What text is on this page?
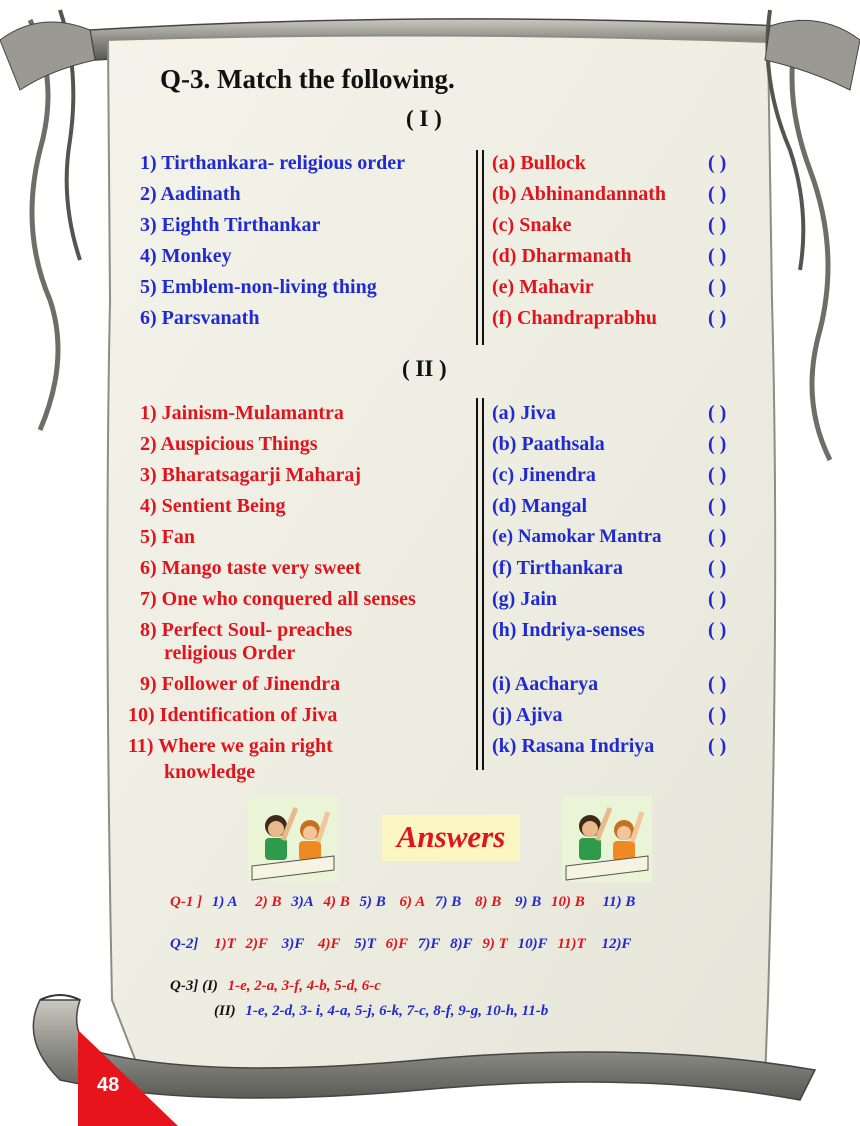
Q-3. Match the following.
( I )
1) Tirthankara- religious order
2) Aadinath
3) Eighth Tirthankar
4) Monkey
5) Emblem-non-living thing
6) Parsvanath
(a) Bullock
(b) Abhinandannath
(c) Snake
(d) Dharmanath
(e) Mahavir
(f) Chandraprabhu
( )
( )
( )
( )
( )
( )
( II )
1) Jainism-Mulamantra
2) Auspicious Things
3) Bharatsagarji Maharaj
4) Sentient Being
5) Fan
6) Mango taste very sweet
7) One who conquered all senses
8) Perfect Soul- preaches
religious Order
9) Follower of Jinendra
10) Identification of Jiva
11) Where we gain right
knowledge
(a) Jiva
(b) Paathsala
(c) Jinendra
(d) Mangal
(e) Namokar Mantra
(f) Tirthankara
(g) Jain
(h) Indriya-senses
(i) Aacharya
(j) Ajiva
(k) Rasana Indriya
( )
( )
( )
( )
( )
( )
( )
( )
( )
( )
( )
Answers
Q-1 ] 1) A 2) B 3)A 4) B 5) B 6) A 7) B 8) B 9) B 10) B 11) B
Q-2] 1)T 2)F 3)F 4)F 5)T 6)F 7)F 8)F 9) T 10)F 11)T 12)F
Q-3] (I) 1-e, 2-a, 3-f, 4-b, 5-d, 6-c
(II) 1-e, 2-d, 3- i, 4-a, 5-j, 6-k, 7-c, 8-f, 9-g, 10-h, 11-b
48
